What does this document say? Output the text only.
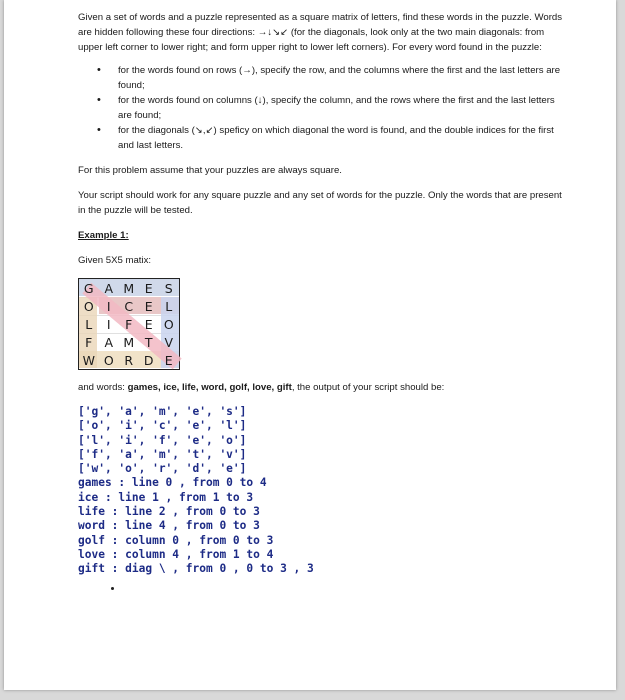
Given a set of words and a puzzle represented as a square matrix of letters, find these words in the puzzle. Words are hidden following these four directions: →↓↘↙ (for the diagonals, look only at the two main diagonals: from upper left corner to lower right; and form upper right to lower left corners). For every word found in the puzzle:

• for the words found on rows (→), specify the row, and the columns where the first and the last letters are found;
• for the words found on columns (↓), specify the column, and the rows where the first and the last letters are found;
• for the diagonals (↘,↙) speficy on which diagonal the word is found, and the double indices for the first and last letters.

For this problem assume that your puzzles are always square.

Your script should work for any square puzzle and any set of words for the puzzle. Only the words that are present in the puzzle will be tested.

Example 1:

Given 5X5 matix:

G A M E S
O	I	C E L
L	I	F E O
F A M T V
W O R D E

and words: games, ice, life, word, golf, love, gift, the output of your script should be:

['g', 'a', 'm', 'e', 's']
['o', 'i', 'c', 'e', 'l']
['l', 'i', 'f', 'e', 'o']
['f', 'a', 'm', 't', 'v']
['w', 'o', 'r', 'd', 'e']
games : line 0 , from 0 to 4
ice : line 1 , from 1 to 3
life : line 2 , from 0 to 3
word : line 4 , from 0 to 3
golf : column 0 , from 0 to 3
love : column 4 , from 1 to 4
gift : diag \ , from 0 , 0 to 3 , 3
